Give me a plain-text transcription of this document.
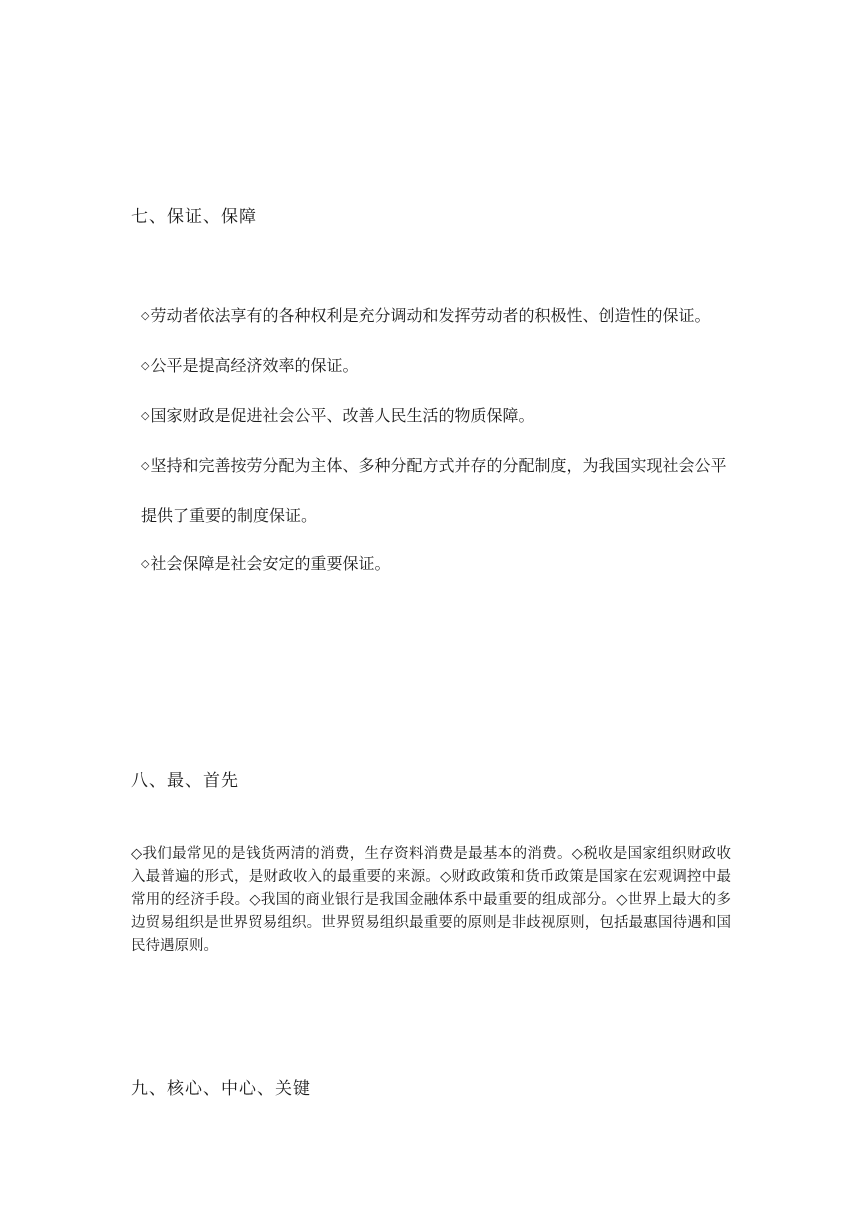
七、保证、保障
◇劳动者依法享有的各种权利是充分调动和发挥劳动者的积极性、创造性的保证。
◇公平是提高经济效率的保证。
◇国家财政是促进社会公平、改善人民生活的物质保障。
◇坚持和完善按劳分配为主体、多种分配方式并存的分配制度，为我国实现社会公平提供了重要的制度保证。
◇社会保障是社会安定的重要保证。
八、最、首先

◇我们最常见的是钱货两清的消费，生存资料消费是最基本的消费。◇税收是国家组织财政收入最普遍的形式，是财政收入的最重要的来源。◇财政政策和货币政策是国家在宏观调控中最常用的经济手段。◇我国的商业银行是我国金融体系中最重要的组成部分。◇世界上最大的多边贸易组织是世界贸易组织。世界贸易组织最重要的原则是非歧视原则，包括最惠国待遇和国民待遇原则。

九、核心、中心、关键
